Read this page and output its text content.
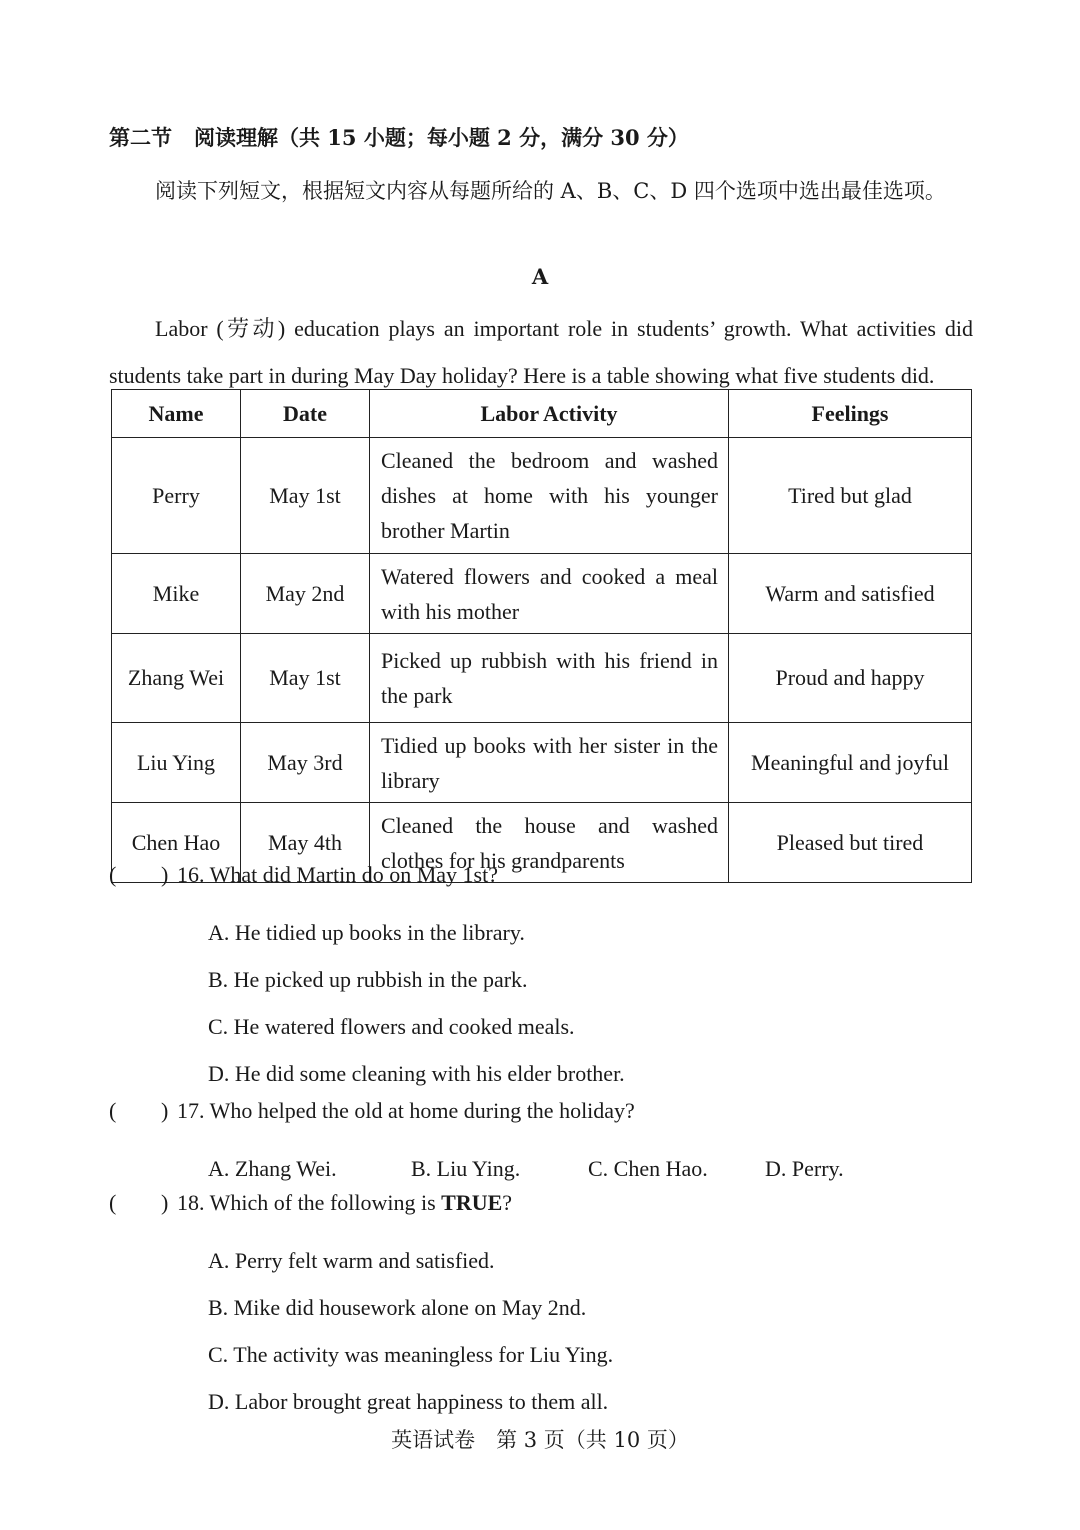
第二节 阅读理解（共 15 小题；每小题 2 分，满分 30 分）
阅读下列短文，根据短文内容从每题所给的 A、B、C、D 四个选项中选出最佳选项。
A
Labor (劳动) education plays an important role in students’ growth. What activities did students take part in during May Day holiday? Here is a table showing what five students did.
Name	Date	Labor Activity	Feelings
Perry	May 1st	Cleaned the bedroom and washed dishes at home with his younger brother Martin	Tired but glad
Mike	May 2nd	Watered flowers and cooked a meal with his mother	Warm and satisfied
Zhang Wei	May 1st	Picked up rubbish with his friend in the park	Proud and happy
Liu Ying	May 3rd	Tidied up books with her sister in the library	Meaningful and joyful
Chen Hao	May 4th	Cleaned the house and washed clothes for his grandparents	Pleased but tired
( ) 16. What did Martin do on May 1st?
A. He tidied up books in the library.
B. He picked up rubbish in the park.
C. He watered flowers and cooked meals.
D. He did some cleaning with his elder brother.
( ) 17. Who helped the old at home during the holiday?
A. Zhang Wei.	B. Liu Ying.	C. Chen Hao.	D. Perry.
( ) 18. Which of the following is TRUE?
A. Perry felt warm and satisfied.
B. Mike did housework alone on May 2nd.
C. The activity was meaningless for Liu Ying.
D. Labor brought great happiness to them all.
英语试卷　第 3 页（共 10 页）
